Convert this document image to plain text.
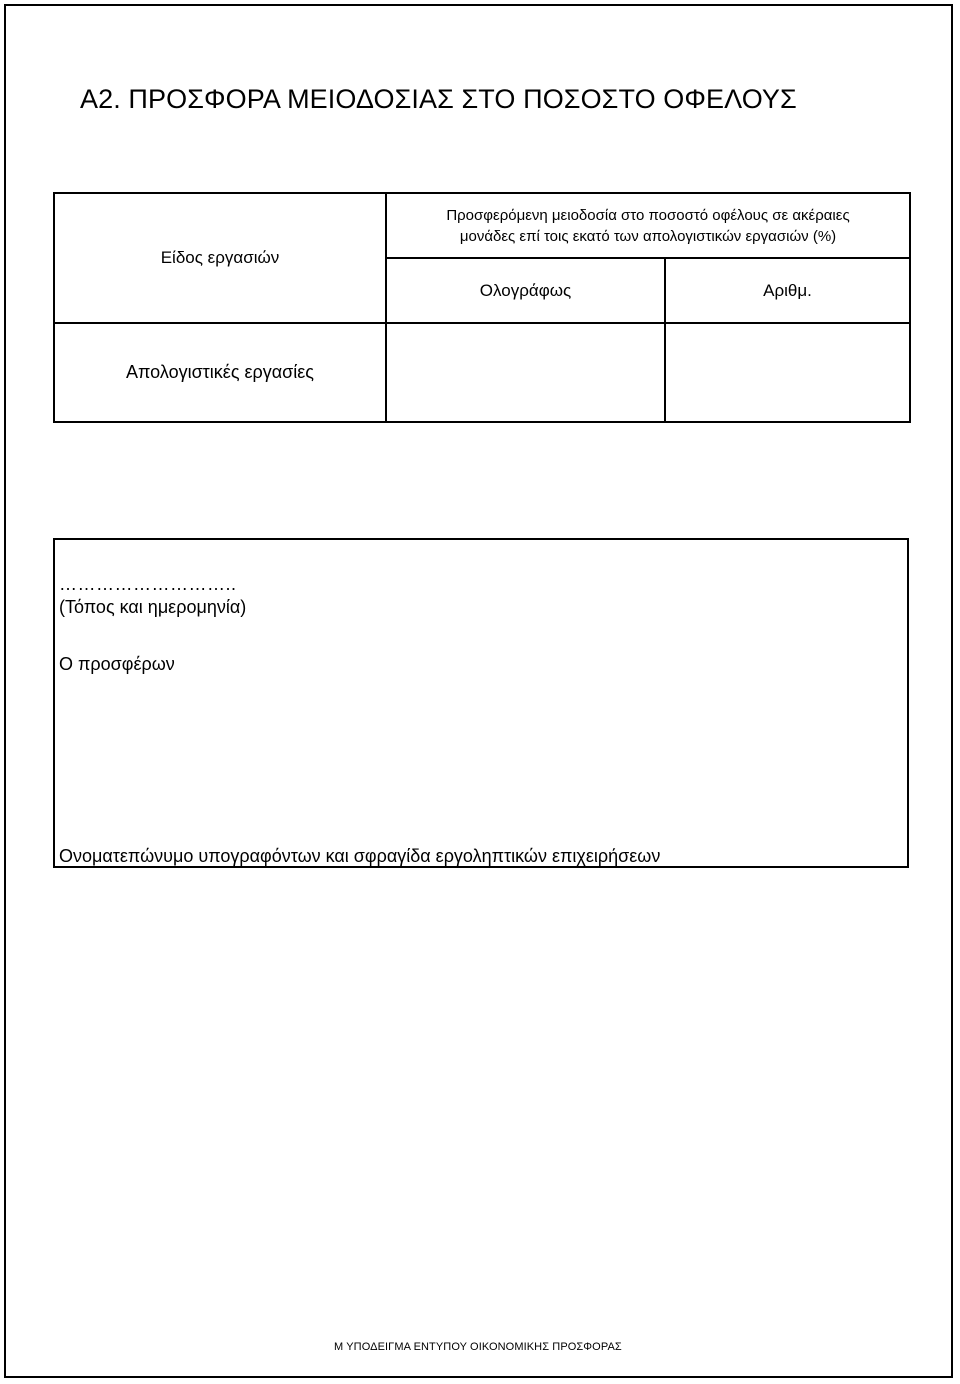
Α2. ΠΡΟΣΦΟΡΑ ΜΕΙΟΔΟΣΙΑΣ ΣΤΟ ΠΟΣΟΣΤΟ ΟΦΕΛΟΥΣ
Είδος εργασιών	Προσφερόμενη μειοδοσία στο ποσοστό οφέλους σε ακέραιες
μονάδες επί τοις εκατό των απολογιστικών εργασιών (%)	

	Ολογράφως	Αριθμ.
Απολογιστικές εργασίες		
………………………..
(Τόπος και ημερομηνία)
Ο προσφέρων
Ονοματεπώνυμο υπογραφόντων και σφραγίδα εργοληπτικών επιχειρήσεων
Μ ΥΠΟΔΕΙΓΜΑ ΕΝΤΥΠΟΥ ΟΙΚΟΝΟΜΙΚΗΣ ΠΡΟΣΦΟΡΑΣ
